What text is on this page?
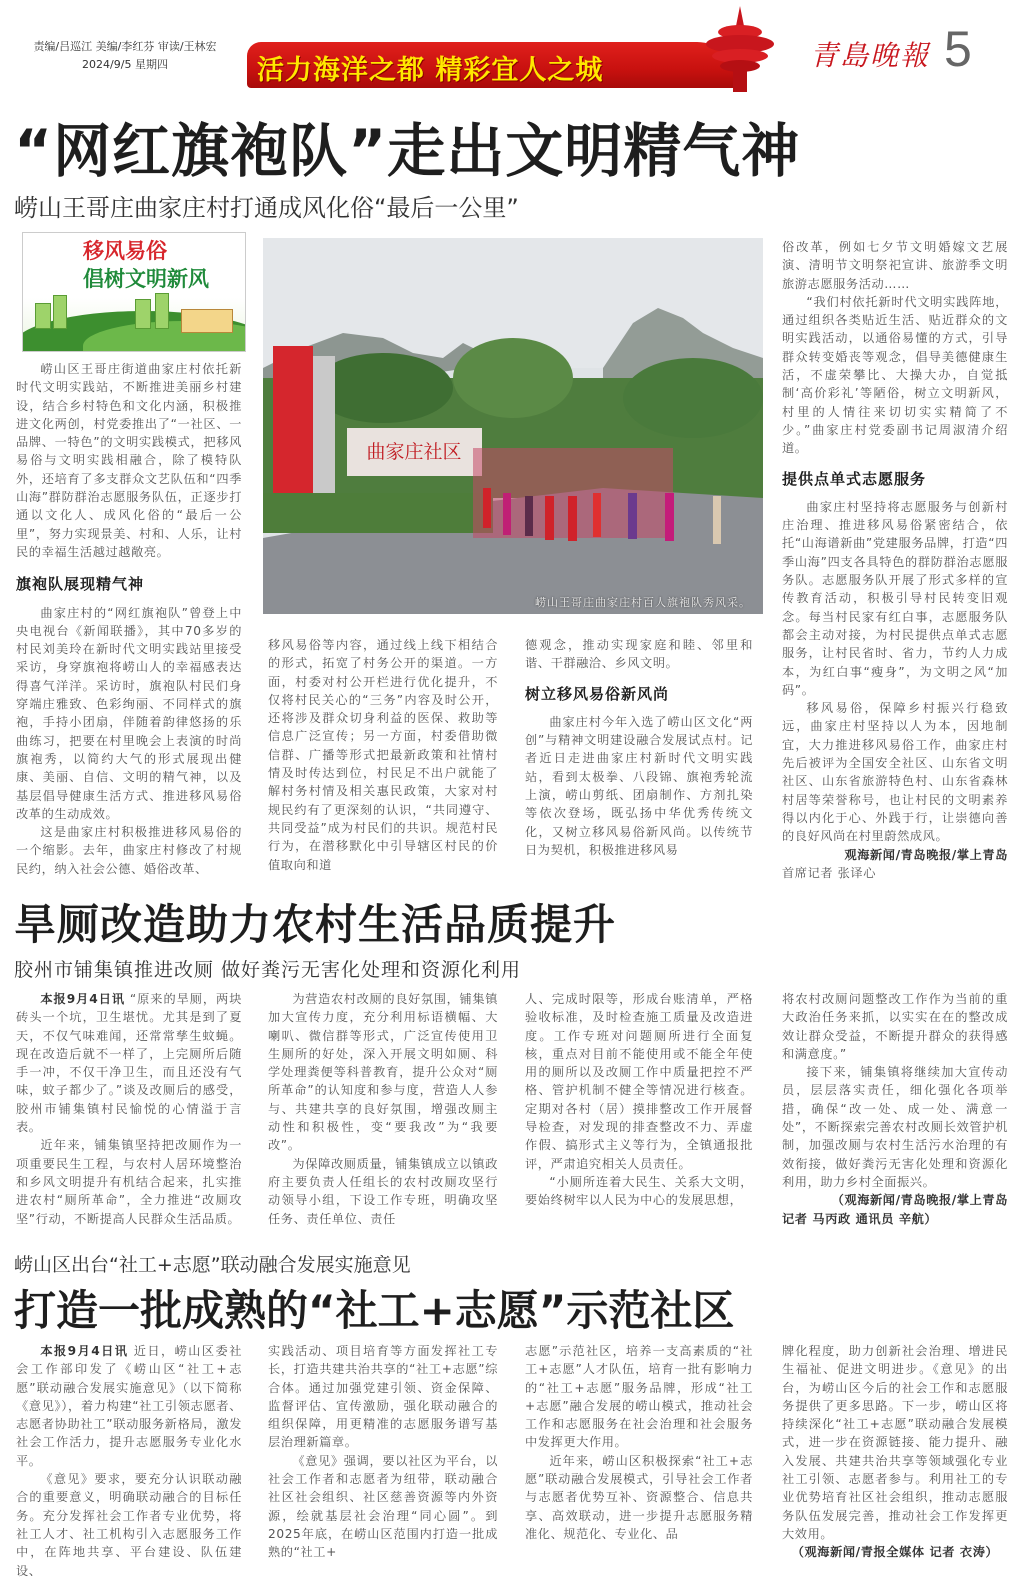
责编/吕巡江 美编/李红芬 审读/王林宏
2024/9/5 星期四	活力海洋之都 精彩宜人之城	青島晚報 5
“网红旗袍队”走出文明精气神
崂山王哥庄曲家庄村打通成风化俗“最后一公里”
移风易俗
倡树文明新风

崂山区王哥庄街道曲家庄村依托新时代文明实践站，不断推进美丽乡村建设，结合乡村特色和文化内涵，积极推进文化两创，村党委推出了“一社区、一品牌、一特色”的文明实践模式，把移风易俗与文明实践相融合，除了模特队外，还培育了多支群众文艺队伍和“四季山海”群防群治志愿服务队伍，正逐步打通以文化人、成风化俗的“最后一公里”，努力实现景美、村和、人乐，让村民的幸福生活越过越敞亮。

旗袍队展现精气神

曲家庄村的“网红旗袍队”曾登上中央电视台《新闻联播》，其中70多岁的村民刘美玲在新时代文明实践站里接受采访，身穿旗袍将崂山人的幸福感表达得喜气洋洋。采访时，旗袍队村民们身穿端庄雅致、色彩绚丽、不同样式的旗袍，手持小团扇，伴随着韵律悠扬的乐曲练习，把要在村里晚会上表演的时尚旗袍秀，以简约大气的形式展现出健康、美丽、自信、文明的精气神，以及基层倡导健康生活方式、推进移风易俗改革的生动成效。

这是曲家庄村积极推进移风易俗的一个缩影。去年，曲家庄村修改了村规民约，纳入社会公德、婚俗改革、

曲家庄社区
崂山王哥庄曲家庄村百人旗袍队秀风采。

移风易俗等内容，通过线上线下相结合的形式，拓宽了村务公开的渠道。一方面，村委对村公开栏进行优化提升，不仅将村民关心的“三务”内容及时公开，还将涉及群众切身利益的医保、救助等信息广泛宣传；另一方面，村委借助微信群、广播等形式把最新政策和社情村情及时传达到位，村民足不出户就能了解村务村情及相关惠民政策，大家对村规民约有了更深刻的认识，“共同遵守、共同受益”成为村民们的共识。规范村民行为，在潜移默化中引导辖区村民的价值取向和道

德观念，推动实现家庭和睦、邻里和谐、干群融洽、乡风文明。

树立移风易俗新风尚

曲家庄村今年入选了崂山区文化“两创”与精神文明建设融合发展试点村。记者近日走进曲家庄村新时代文明实践站，看到太极拳、八段锦、旗袍秀轮流上演，崂山剪纸、团扇制作、方剂扎染等依次登场，既弘扬中华优秀传统文化，又树立移风易俗新风尚。以传统节日为契机，积极推进移风易

俗改革，例如七夕节文明婚嫁文艺展演、清明节文明祭祀宣讲、旅游季文明旅游志愿服务活动……

“我们村依托新时代文明实践阵地，通过组织各类贴近生活、贴近群众的文明实践活动，以通俗易懂的方式，引导群众转变婚丧等观念，倡导美德健康生活，不虚荣攀比、大操大办，自觉抵制‘高价彩礼’等陋俗，树立文明新风，村里的人情往来切切实实精简了不少。”曲家庄村党委副书记周淑清介绍道。

提供点单式志愿服务

曲家庄村坚持将志愿服务与创新村庄治理、推进移风易俗紧密结合，依托“山海谱新曲”党建服务品牌，打造“四季山海”四支各具特色的群防群治志愿服务队。志愿服务队开展了形式多样的宣传教育活动，积极引导村民转变旧观念。每当村民家有红白事，志愿服务队都会主动对接，为村民提供点单式志愿服务，让村民省时、省力，节约人力成本，为红白事“瘦身”，为文明之风“加码”。

移风易俗，保障乡村振兴行稳致远，曲家庄村坚持以人为本，因地制宜，大力推进移风易俗工作，曲家庄村先后被评为全国安全社区、山东省文明社区、山东省旅游特色村、山东省森林村居等荣誉称号，也让村民的文明素养得以内化于心、外践于行，让崇德向善的良好风尚在村里蔚然成风。

观海新闻/青岛晚报/掌上青岛
首席记者 张译心
旱厕改造助力农村生活品质提升
胶州市铺集镇推进改厕 做好粪污无害化处理和资源化利用

本报9月4日讯 “原来的旱厕，两块砖头一个坑，卫生堪忧。尤其是到了夏天，不仅气味难闻，还常常孳生蚊蝇。现在改造后就不一样了，上完厕所后随手一冲，不仅干净卫生，而且还没有气味，蚊子都少了。”谈及改厕后的感受，胶州市铺集镇村民愉悦的心情溢于言表。

近年来，铺集镇坚持把改厕作为一项重要民生工程，与农村人居环境整治和乡风文明提升有机结合起来，扎实推进农村“厕所革命”，全力推进“改厕攻坚”行动，不断提高人民群众生活品质。

为营造农村改厕的良好氛围，铺集镇加大宣传力度，充分利用标语横幅、大喇叭、微信群等形式，广泛宣传使用卫生厕所的好处，深入开展文明如厕、科学处理粪便等科普教育，提升公众对“厕所革命”的认知度和参与度，营造人人参与、共建共享的良好氛围，增强改厕主动性和积极性，变“要我改”为“我要改”。

为保障改厕质量，铺集镇成立以镇政府主要负责人任组长的农村改厕攻坚行动领导小组，下设工作专班，明确攻坚任务、责任单位、责任

人、完成时限等，形成台账清单，严格验收标准，及时检查施工质量及改造进度。工作专班对问题厕所进行全面复核，重点对目前不能使用或不能全年使用的厕所以及改厕工作中质量把控不严格、管护机制不健全等情况进行核查。定期对各村（居）摸排整改工作开展督导检查，对发现的排查整改不力、弄虚作假、搞形式主义等行为，全镇通报批评，严肃追究相关人员责任。

“小厕所连着大民生、关系大文明，要始终树牢以人民为中心的发展思想，

将农村改厕问题整改工作作为当前的重大政治任务来抓，以实实在在的整改成效让群众受益，不断提升群众的获得感和满意度。”

接下来，铺集镇将继续加大宣传动员，层层落实责任，细化强化各项举措，确保“改一处、成一处、满意一处”，不断探索完善农村改厕长效管护机制，加强改厕与农村生活污水治理的有效衔接，做好粪污无害化处理和资源化利用，助力乡村全面振兴。

（观海新闻/青岛晚报/掌上青岛
记者 马丙政 通讯员 辛航）
崂山区出台“社工+志愿”联动融合发展实施意见
打造一批成熟的“社工+志愿”示范社区

本报9月4日讯 近日，崂山区委社会工作部印发了《崂山区“社工+志愿”联动融合发展实施意见》（以下简称《意见》），着力构建“社工引领志愿者、志愿者协助社工”联动服务新格局，激发社会工作活力，提升志愿服务专业化水平。

《意见》要求，要充分认识联动融合的重要意义，明确联动融合的目标任务。充分发挥社会工作者专业优势，将社工人才、社工机构引入志愿服务工作中，在阵地共享、平台建设、队伍建设、

实践活动、项目培育等方面发挥社工专长，打造共建共治共享的“社工+志愿”综合体。通过加强党建引领、资金保障、监督评估、宣传激励，强化联动融合的组织保障，用更精准的志愿服务谱写基层治理新篇章。

《意见》强调，要以社区为平台，以社会工作者和志愿者为纽带，联动融合社区社会组织、社区慈善资源等内外资源，绘就基层社会治理“同心圆”。到2025年底，在崂山区范围内打造一批成熟的“社工+

志愿”示范社区，培养一支高素质的“社工+志愿”人才队伍，培育一批有影响力的“社工+志愿”服务品牌，形成“社工+志愿”融合发展的崂山模式，推动社会工作和志愿服务在社会治理和社会服务中发挥更大作用。

近年来，崂山区积极探索“社工+志愿”联动融合发展模式，引导社会工作者与志愿者优势互补、资源整合、信息共享、高效联动，进一步提升志愿服务精准化、规范化、专业化、品

牌化程度，助力创新社会治理、增进民生福祉、促进文明进步。《意见》的出台，为崂山区今后的社会工作和志愿服务提供了更多思路。下一步，崂山区将持续深化“社工+志愿”联动融合发展模式，进一步在资源链接、能力提升、融入发展、共建共治共享等领域强化专业社工引领、志愿者参与。利用社工的专业优势培育社区社会组织，推动志愿服务队伍发展完善，推动社会工作发挥更大效用。

（观海新闻/青报全媒体 记者 衣涛）
